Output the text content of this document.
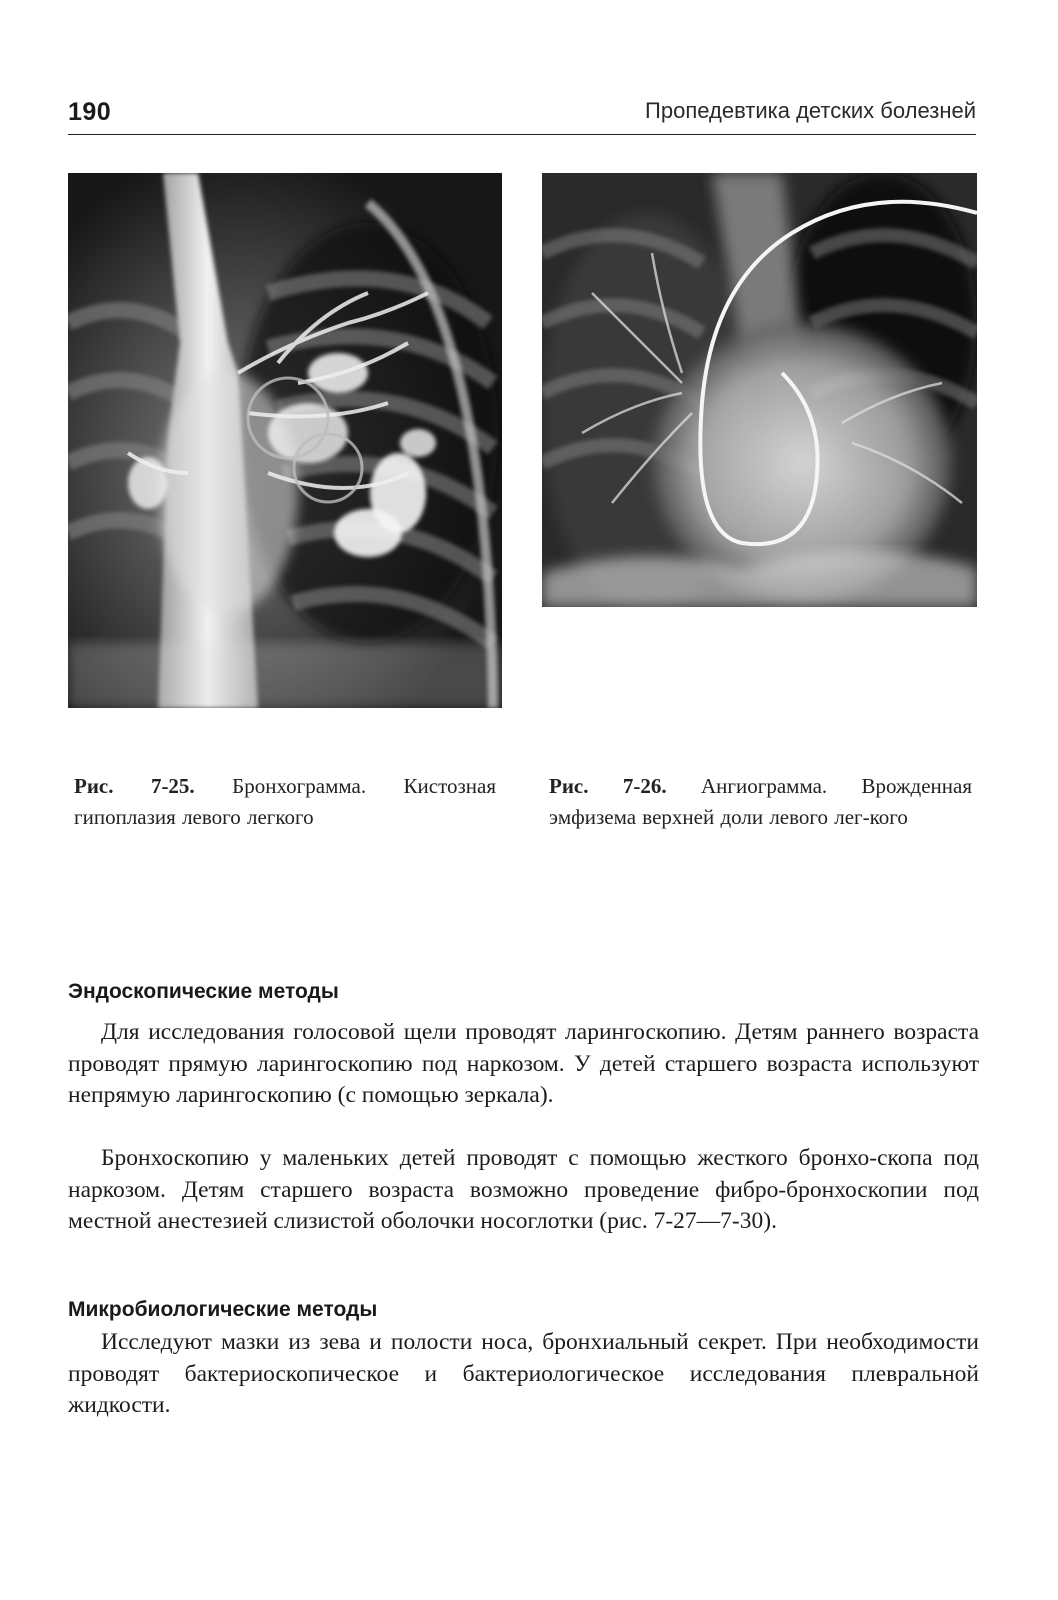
190	Пропедевтика детских болезней
Рис. 7-25. Бронхограмма. Кистозная гипоплазия левого легкого
Рис. 7-26. Ангиограмма. Врожденная эмфизема верхней доли левого лег-кого
Эндоскопические методы

Для исследования голосовой щели проводят ларингоскопию. Детям раннего возраста проводят прямую ларингоскопию под наркозом. У детей старшего возраста используют непрямую ларингоскопию (с помощью зеркала).

Бронхоскопию у маленьких детей проводят с помощью жесткого бронхо-скопа под наркозом. Детям старшего возраста возможно проведение фибро-бронхоскопии под местной анестезией слизистой оболочки носоглотки (рис. 7-27—7-30).

Микробиологические методы

Исследуют мазки из зева и полости носа, бронхиальный секрет. При необходимости проводят бактериоскопическое и бактериологическое исследования плевральной жидкости.
